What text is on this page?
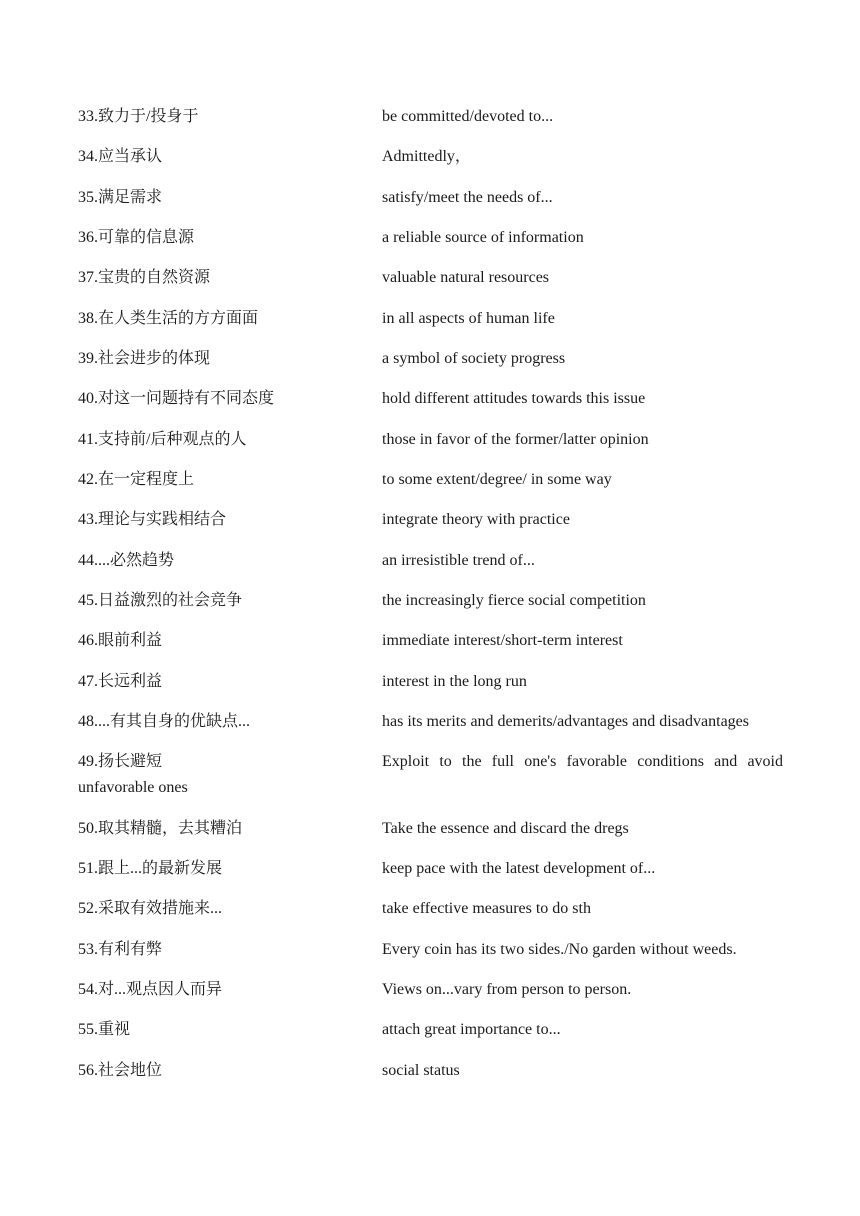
33.致力于/投身于	be committed/devoted to...
34.应当承认	Admittedly，
35.满足需求	satisfy/meet the needs of...
36.可靠的信息源	a reliable source of information
37.宝贵的自然资源	valuable natural resources
38.在人类生活的方方面面	in all aspects of human life
39.社会进步的体现	a symbol of society progress
40.对这一问题持有不同态度	hold different attitudes towards this issue
41.支持前/后种观点的人	those in favor of the former/latter opinion
42.在一定程度上	to some extent/degree/ in some way
43.理论与实践相结合	integrate theory with practice
44....必然趋势	an irresistible trend of...
45.日益激烈的社会竞争	the increasingly fierce social competition
46.眼前利益	immediate interest/short-term interest
47.长远利益	interest in the long run
48....有其自身的优缺点...	has its merits and demerits/advantages and disadvantages
49.扬长避短	Exploit to the full one's favorable conditions and avoid
unfavorable ones
50.取其精髓，去其糟泊	Take the essence and discard the dregs
51.跟上...的最新发展	keep pace with the latest development of...
52.采取有效措施来...	take effective measures to do sth
53.有利有弊	Every coin has its two sides./No garden without weeds.
54.对...观点因人而异	Views on...vary from person to person.
55.重视	attach great importance to...
56.社会地位	social status
